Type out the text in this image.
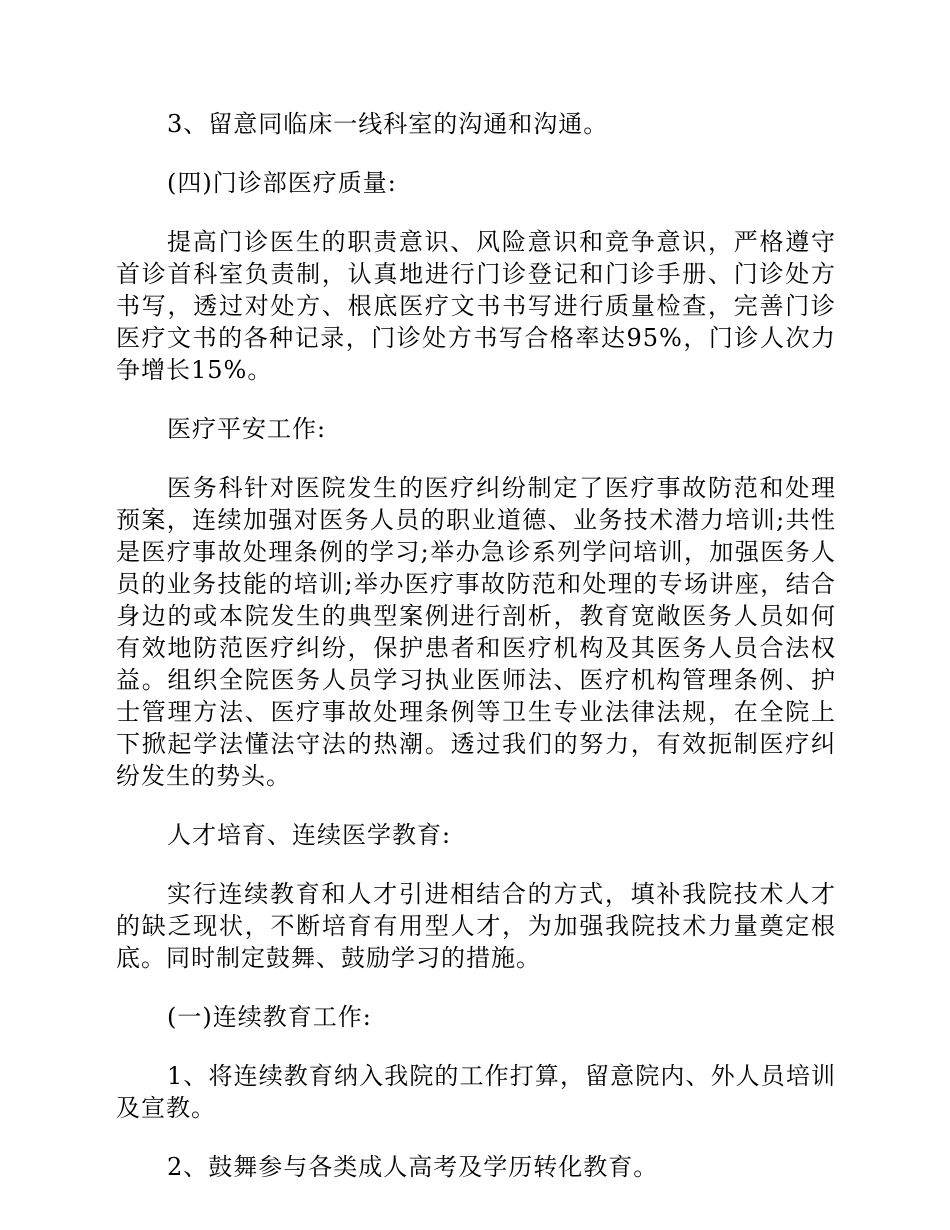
3、留意同临床一线科室的沟通和沟通。

(四)门诊部医疗质量:

提高门诊医生的职责意识、风险意识和竞争意识，严格遵守首诊首科室负责制，认真地进行门诊登记和门诊手册、门诊处方书写，透过对处方、根底医疗文书书写进行质量检查，完善门诊医疗文书的各种记录，门诊处方书写合格率达95%，门诊人次力争增长15%。

医疗平安工作:

医务科针对医院发生的医疗纠纷制定了医疗事故防范和处理预案，连续加强对医务人员的职业道德、业务技术潜力培训;共性是医疗事故处理条例的学习;举办急诊系列学问培训，加强医务人员的业务技能的培训;举办医疗事故防范和处理的专场讲座，结合身边的或本院发生的典型案例进行剖析，教育宽敞医务人员如何有效地防范医疗纠纷，保护患者和医疗机构及其医务人员合法权益。组织全院医务人员学习执业医师法、医疗机构管理条例、护士管理方法、医疗事故处理条例等卫生专业法律法规，在全院上下掀起学法懂法守法的热潮。透过我们的努力，有效扼制医疗纠纷发生的势头。

人才培育、连续医学教育:

实行连续教育和人才引进相结合的方式，填补我院技术人才的缺乏现状，不断培育有用型人才，为加强我院技术力量奠定根底。同时制定鼓舞、鼓励学习的措施。

(一)连续教育工作:

1、将连续教育纳入我院的工作打算，留意院内、外人员培训及宣教。

2、鼓舞参与各类成人高考及学历转化教育。
